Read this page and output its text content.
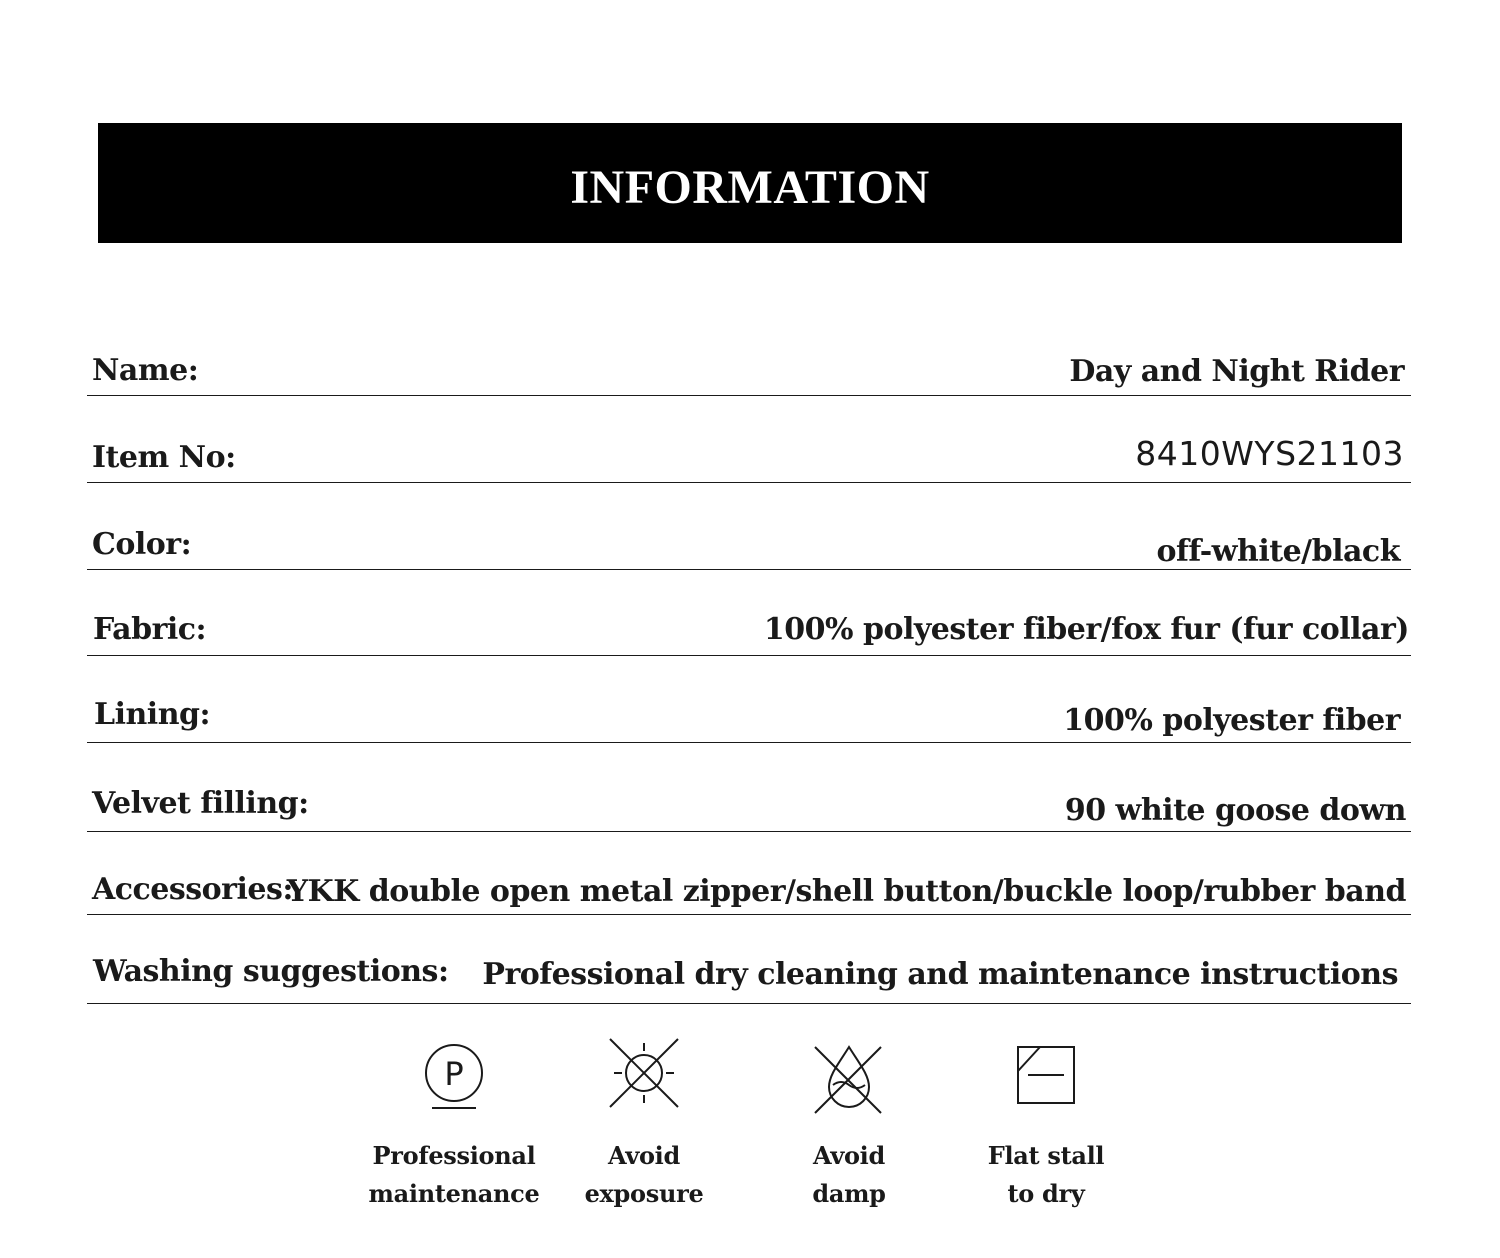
INFORMATION
Name:	Day and Night Rider
Item No:	8410WYS21103
Color:	off-white/black
Fabric:	100% polyester fiber/fox fur (fur collar)
Lining:	100% polyester fiber
Velvet filling:	90 white goose down
Accessories:
YKK double open metal zipper/shell button/buckle loop/rubber band
Washing suggestions: Professional dry cleaning and maintenance instructions
P
Professional
maintenance
Avoid
exposure
Avoid
damp
Flat stall
to dry
